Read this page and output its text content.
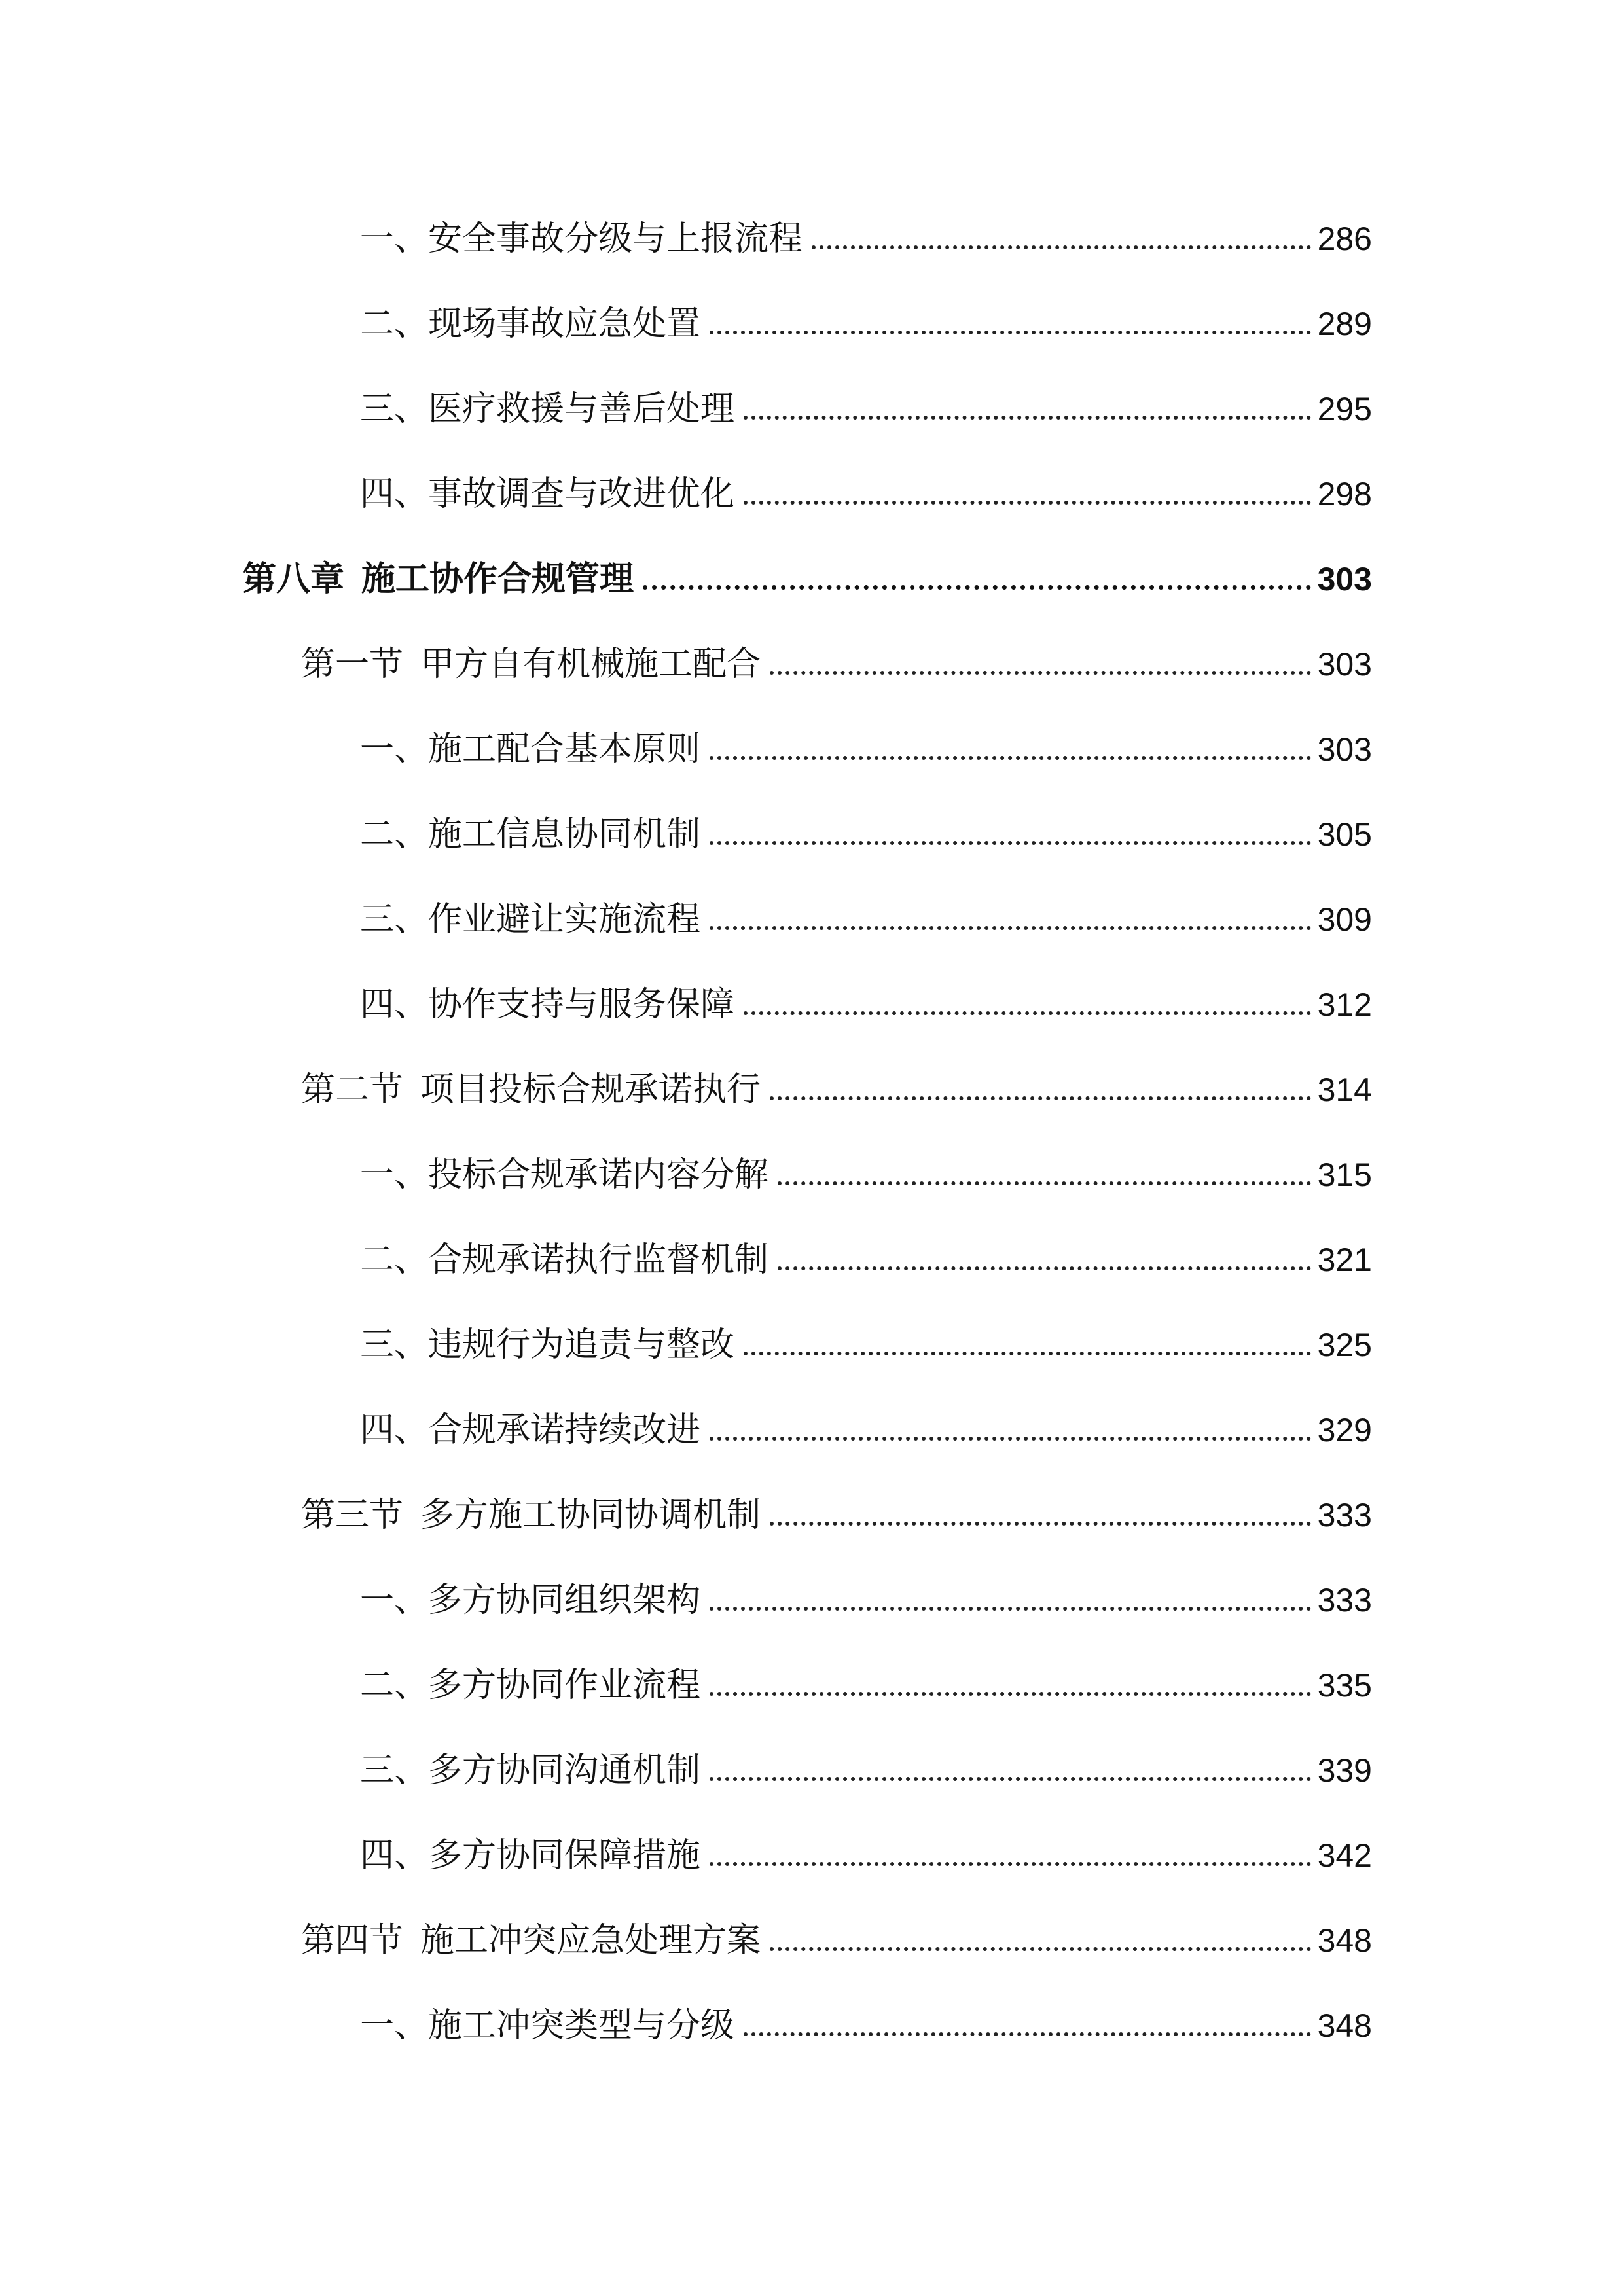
一、安全事故分级与上报流程	286
二、现场事故应急处置	289
三、医疗救援与善后处理	295
四、事故调查与改进优化	298
第八章 施工协作合规管理	303
第一节 甲方自有机械施工配合	303
一、施工配合基本原则	303
二、施工信息协同机制	305
三、作业避让实施流程	309
四、协作支持与服务保障	312
第二节 项目投标合规承诺执行	314
一、投标合规承诺内容分解	315
二、合规承诺执行监督机制	321
三、违规行为追责与整改	325
四、合规承诺持续改进	329
第三节 多方施工协同协调机制	333
一、多方协同组织架构	333
二、多方协同作业流程	335
三、多方协同沟通机制	339
四、多方协同保障措施	342
第四节 施工冲突应急处理方案	348
一、施工冲突类型与分级	348
